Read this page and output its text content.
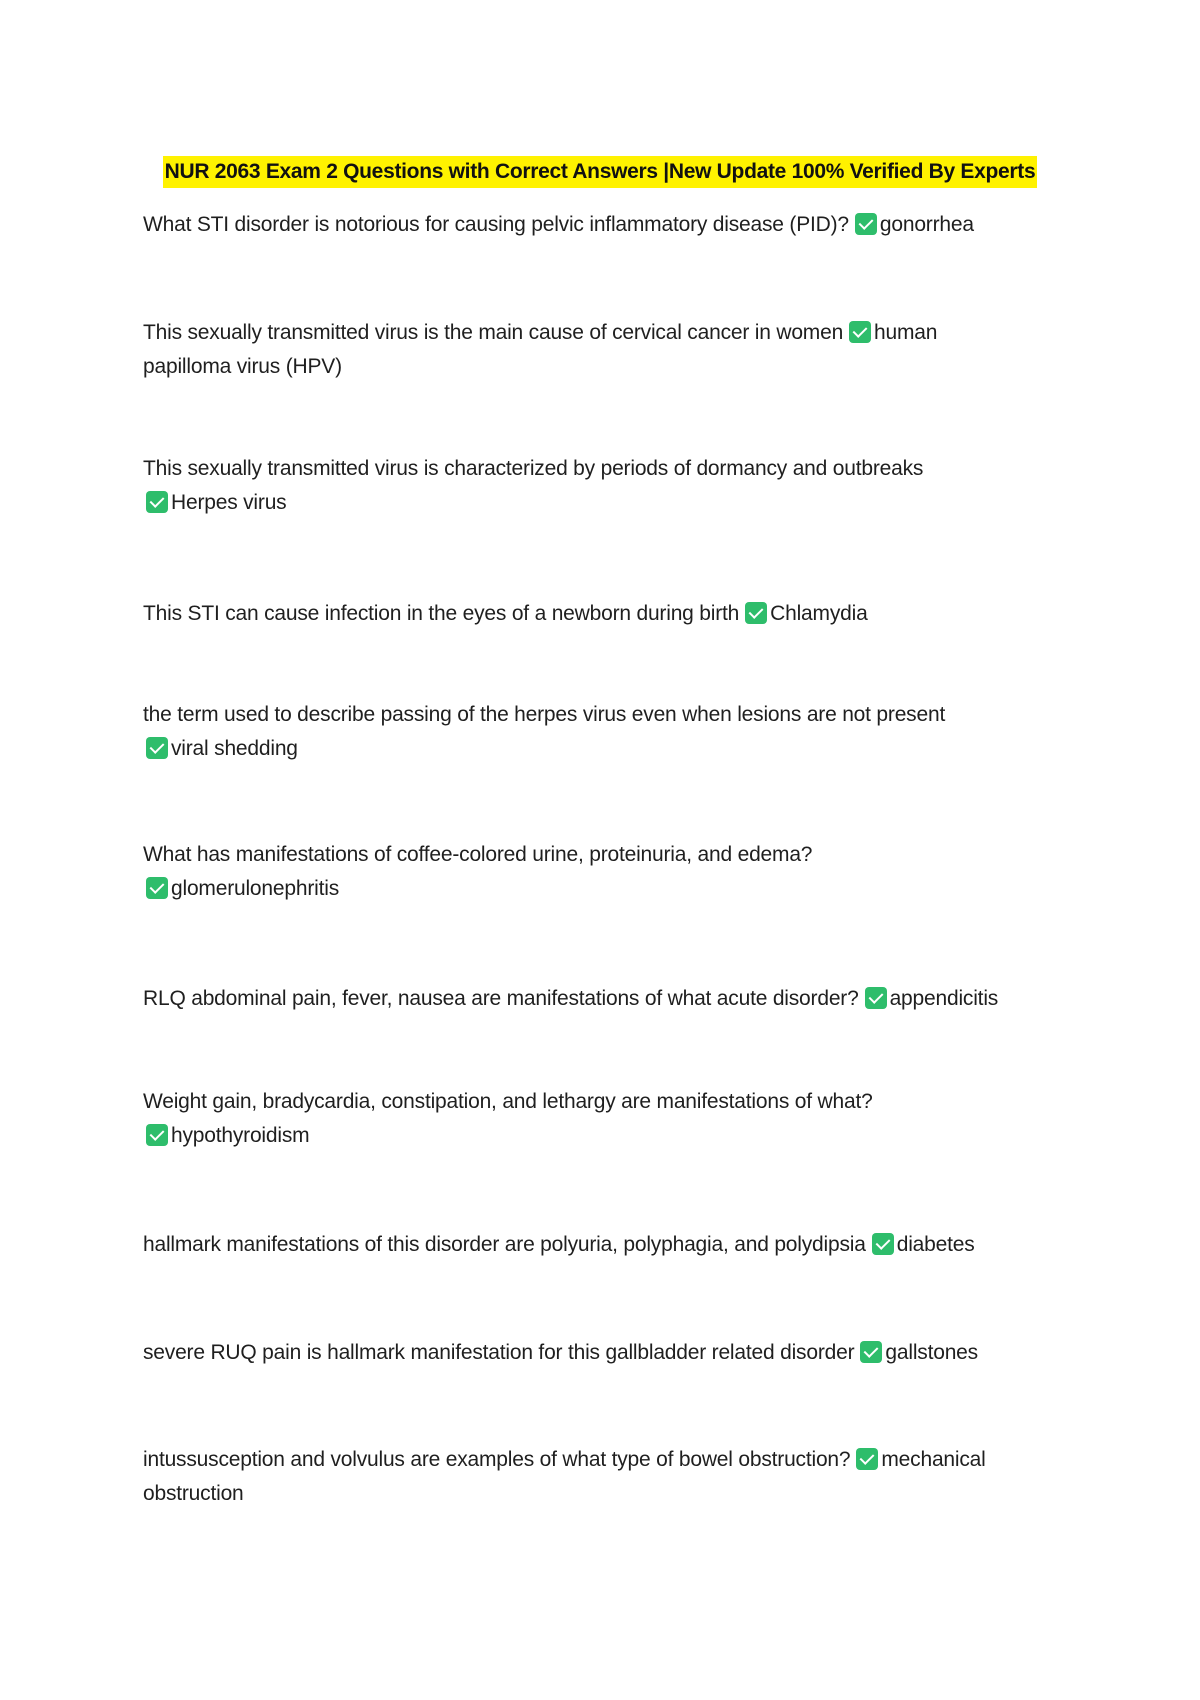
NUR 2063 Exam 2 Questions with Correct Answers |New Update 100% Verified By Experts
What STI disorder is notorious for causing pelvic inflammatory disease (PID)? gonorrhea
This sexually transmitted virus is the main cause of cervical cancer in women human papilloma virus (HPV)
This sexually transmitted virus is characterized by periods of dormancy and outbreaks
Herpes virus
This STI can cause infection in the eyes of a newborn during birth Chlamydia
the term used to describe passing of the herpes virus even when lesions are not present
viral shedding
What has manifestations of coffee-colored urine, proteinuria, and edema?
glomerulonephritis
RLQ abdominal pain, fever, nausea are manifestations of what acute disorder? appendicitis
Weight gain, bradycardia, constipation, and lethargy are manifestations of what?
hypothyroidism
hallmark manifestations of this disorder are polyuria, polyphagia, and polydipsia diabetes
severe RUQ pain is hallmark manifestation for this gallbladder related disorder gallstones
intussusception and volvulus are examples of what type of bowel obstruction? mechanical obstruction
